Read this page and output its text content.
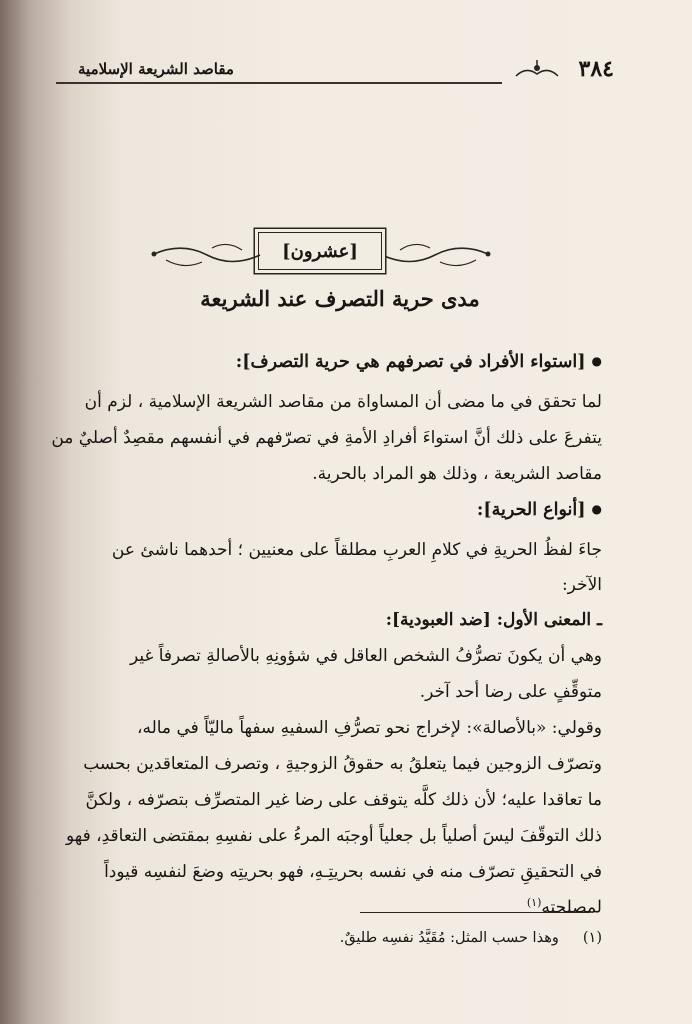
٣٨٤
مقاصد الشريعة الإسلامية
[عشرون]
مدى حرية التصرف عند الشريعة
● [استواء الأفراد في تصرفهم هي حرية التصرف]:
لما تحقق في ما مضى أن المساواة من مقاصد الشريعة الإسلامية ، لزم أن
يتفرعَ على ذلك أنَّ استواءَ أفرادِ الأمةِ في تصرّفهم في أنفسهم مقصِدٌ أصليٌ من
مقاصد الشريعة ، وذلك هو المراد بالحرية.
● [أنواع الحرية]:
جاءَ لفظُ الحريةِ في كلامِ العربِ مطلقاً على معنيين ؛ أحدهما ناشئ عن
الآخر:
ـ المعنى الأول: [ضد العبودية]:
وهي أن يكونَ تصرُّفُ الشخص العاقل في شؤونِهِ بالأصالةِ تصرفاً غير
متوقِّفٍ على رضا أحد آخر.
وقولي: «بالأصالة»: لإخراج نحو تصرُّفِ السفيهِ سفهاً ماليّاً في ماله،
وتصرّف الزوجين فيما يتعلقُ به حقوقُ الزوجيةِ ، وتصرف المتعاقدين بحسب
ما تعاقدا عليه؛ لأن ذلك كلَّه يتوقف على رضا غير المتصرِّف بتصرّفه ، ولكنَّ
ذلك التوقّفَ ليسَ أصلياً بل جعلياً أوجبَه المرءُ على نفسِهِ بمقتضى التعاقدِ، فهو
في التحقيقِ تصرّف منه في نفسه بحريتِـهِ، فهو بحريتِه وضعَ لنفسِه قيوداً
لمصلحته$^{(١)}$
(١)وهذا حسب المثل: مُقَيَّدُ نفسِه طليقٌ.
